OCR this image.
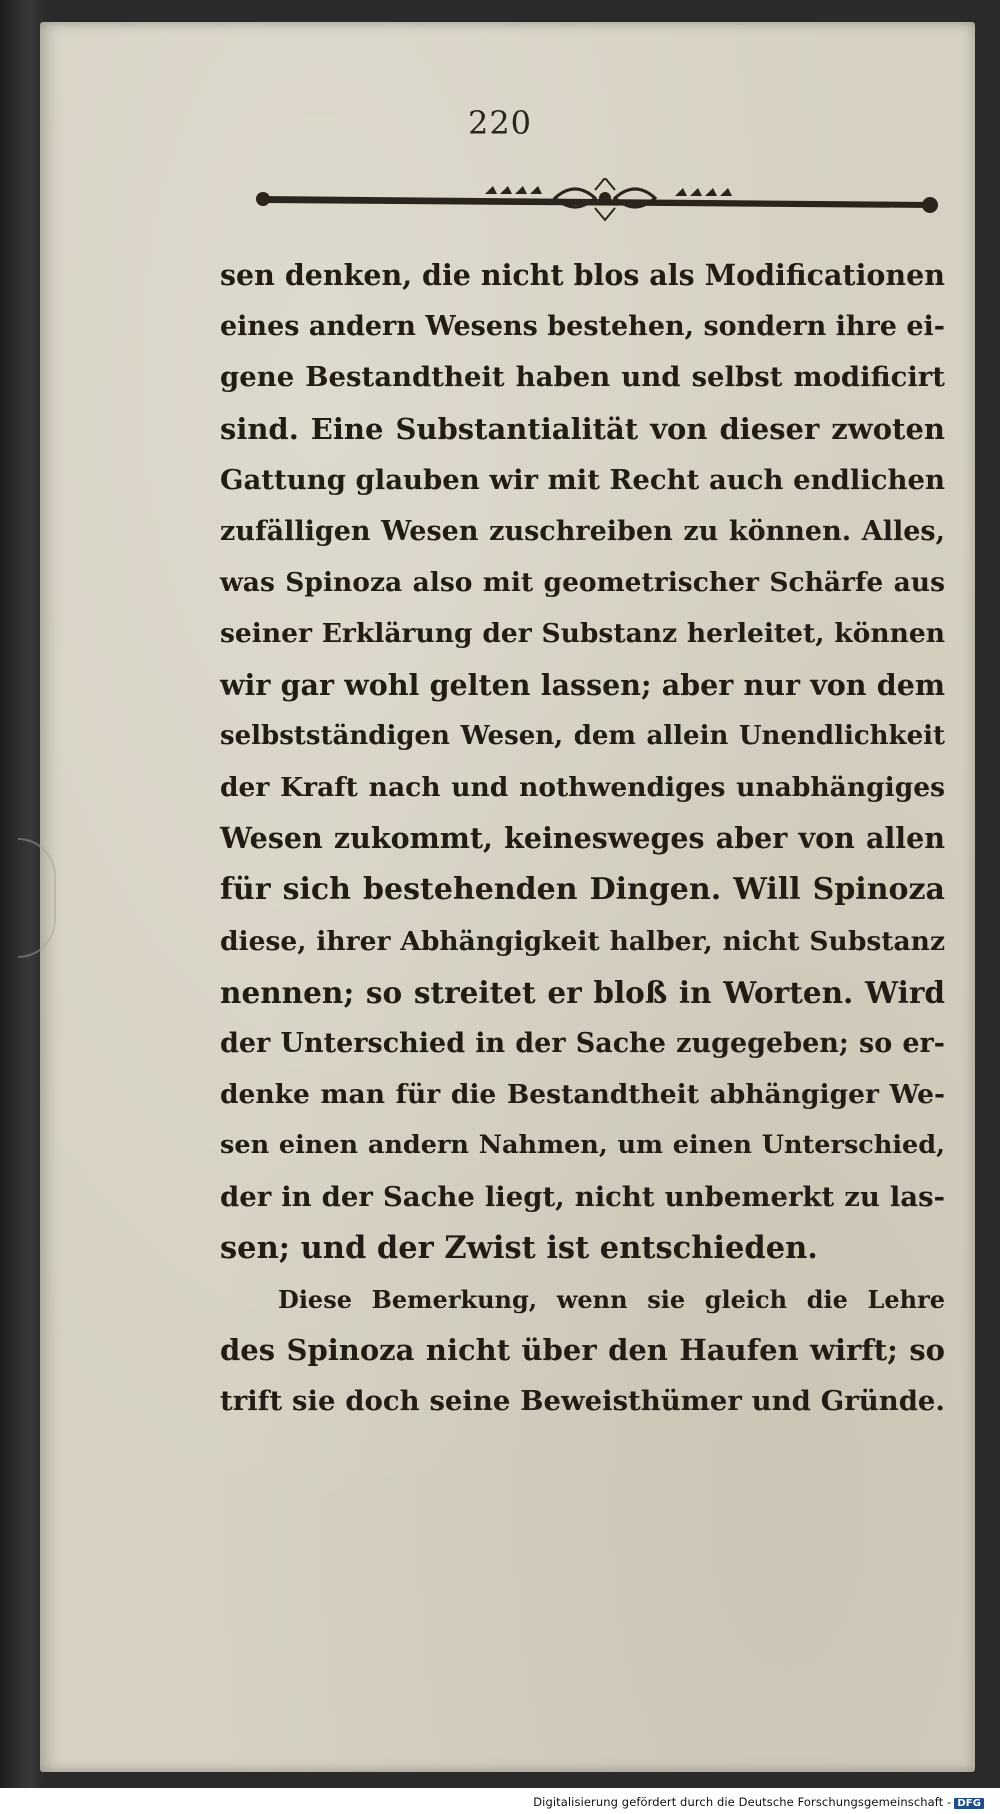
220
sen denken, die nicht blos als Modificationen
eines andern Wesens bestehen, sondern ihre ei-
gene Bestandtheit haben und selbst modificirt
sind. Eine Substantialität von dieser zwoten
Gattung glauben wir mit Recht auch endlichen
zufälligen Wesen zuschreiben zu können. Alles,
was Spinoza also mit geometrischer Schärfe aus
seiner Erklärung der Substanz herleitet, können
wir gar wohl gelten lassen; aber nur von dem
selbstständigen Wesen, dem allein Unendlichkeit
der Kraft nach und nothwendiges unabhängiges
Wesen zukommt, keinesweges aber von allen
für sich bestehenden Dingen. Will Spinoza
diese, ihrer Abhängigkeit halber, nicht Substanz
nennen; so streitet er bloß in Worten. Wird
der Unterschied in der Sache zugegeben; so er-
denke man für die Bestandtheit abhängiger We-
sen einen andern Nahmen, um einen Unterschied,
der in der Sache liegt, nicht unbemerkt zu las-
sen; und der Zwist ist entschieden.
Diese Bemerkung, wenn sie gleich die Lehre
des Spinoza nicht über den Haufen wirft; so
trift sie doch seine Beweisthümer und Gründe.
Digitalisierung gefördert durch die Deutsche Forschungsgemeinschaft - DFG
